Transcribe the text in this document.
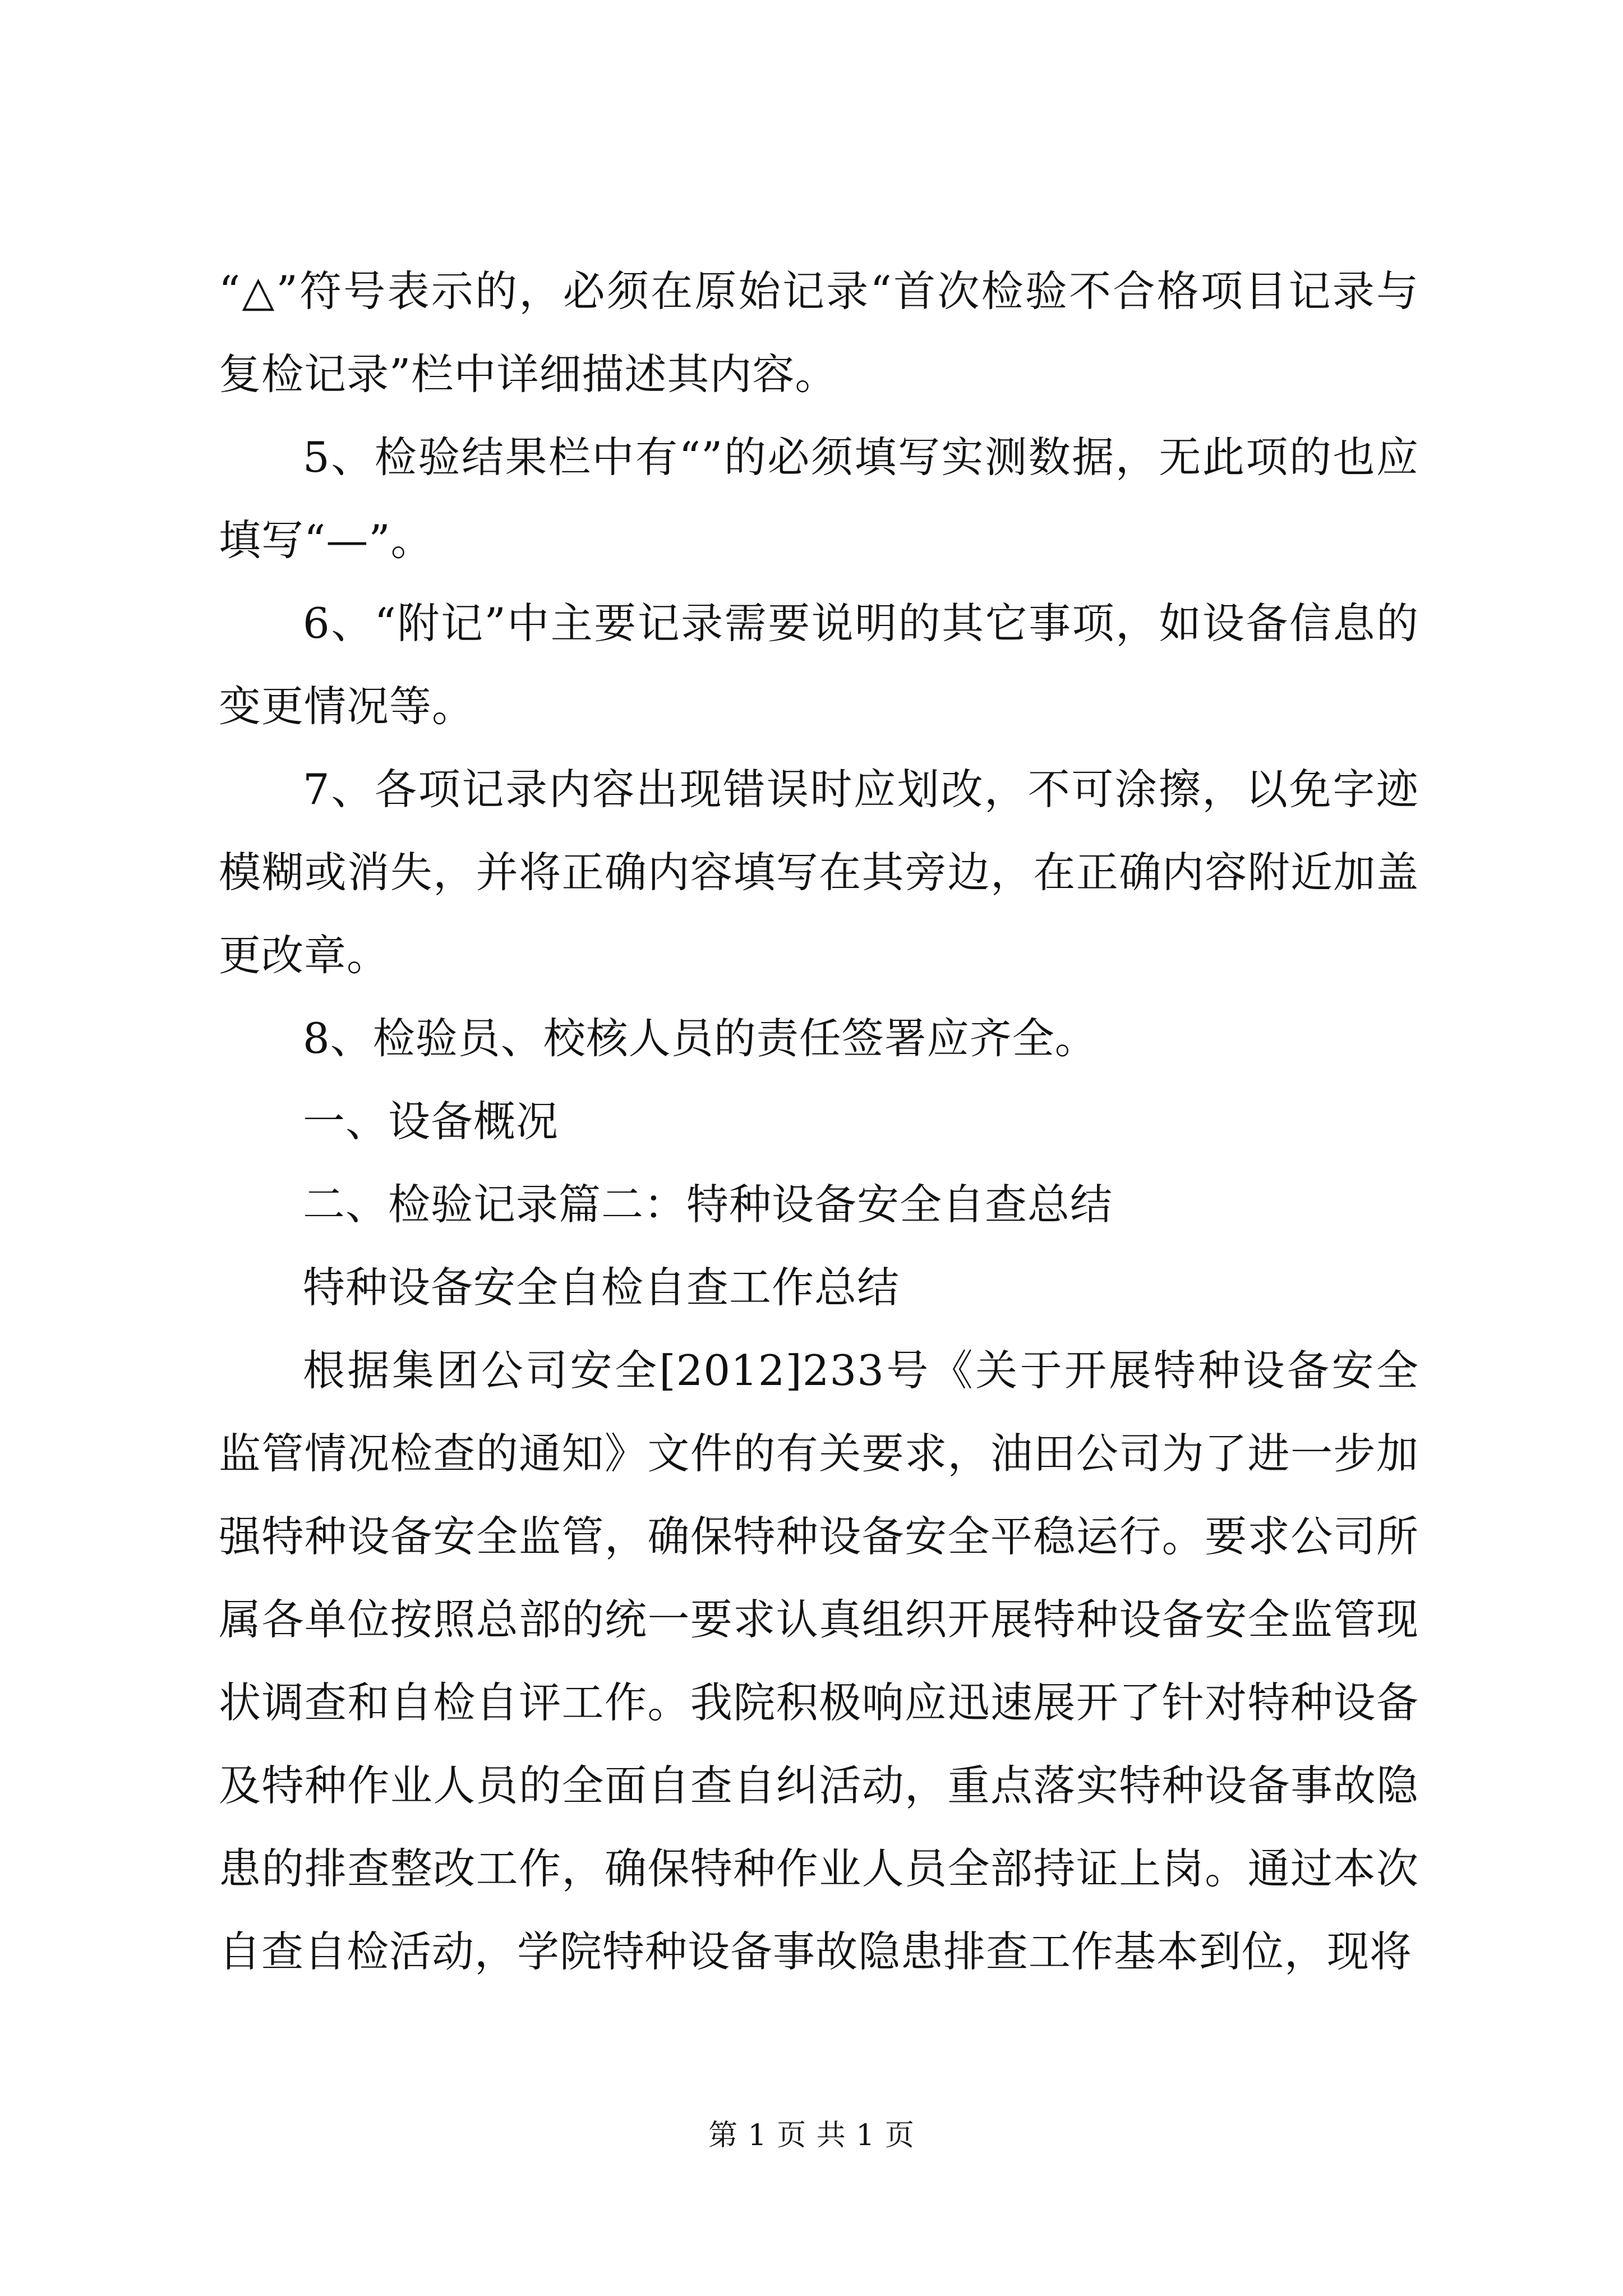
“△”符号表示的，必须在原始记录“首次检验不合格项目记录与复检记录”栏中详细描述其内容。

5、检验结果栏中有“”的必须填写实测数据，无此项的也应填写“—”。

6、“附记”中主要记录需要说明的其它事项，如设备信息的变更情况等。

7、各项记录内容出现错误时应划改，不可涂擦，以免字迹模糊或消失，并将正确内容填写在其旁边，在正确内容附近加盖更改章。

8、检验员、校核人员的责任签署应齐全。

一、设备概况

二、检验记录篇二：特种设备安全自查总结

特种设备安全自检自查工作总结

根据集团公司安全[2012]233号《关于开展特种设备安全监管情况检查的通知》文件的有关要求，油田公司为了进一步加强特种设备安全监管，确保特种设备安全平稳运行。要求公司所属各单位按照总部的统一要求认真组织开展特种设备安全监管现状调查和自检自评工作。我院积极响应迅速展开了针对特种设备及特种作业人员的全面自查自纠活动，重点落实特种设备事故隐患的排查整改工作，确保特种作业人员全部持证上岗。通过本次自查自检活动，学院特种设备事故隐患排查工作基本到位，现将

第 1 页 共 1 页
